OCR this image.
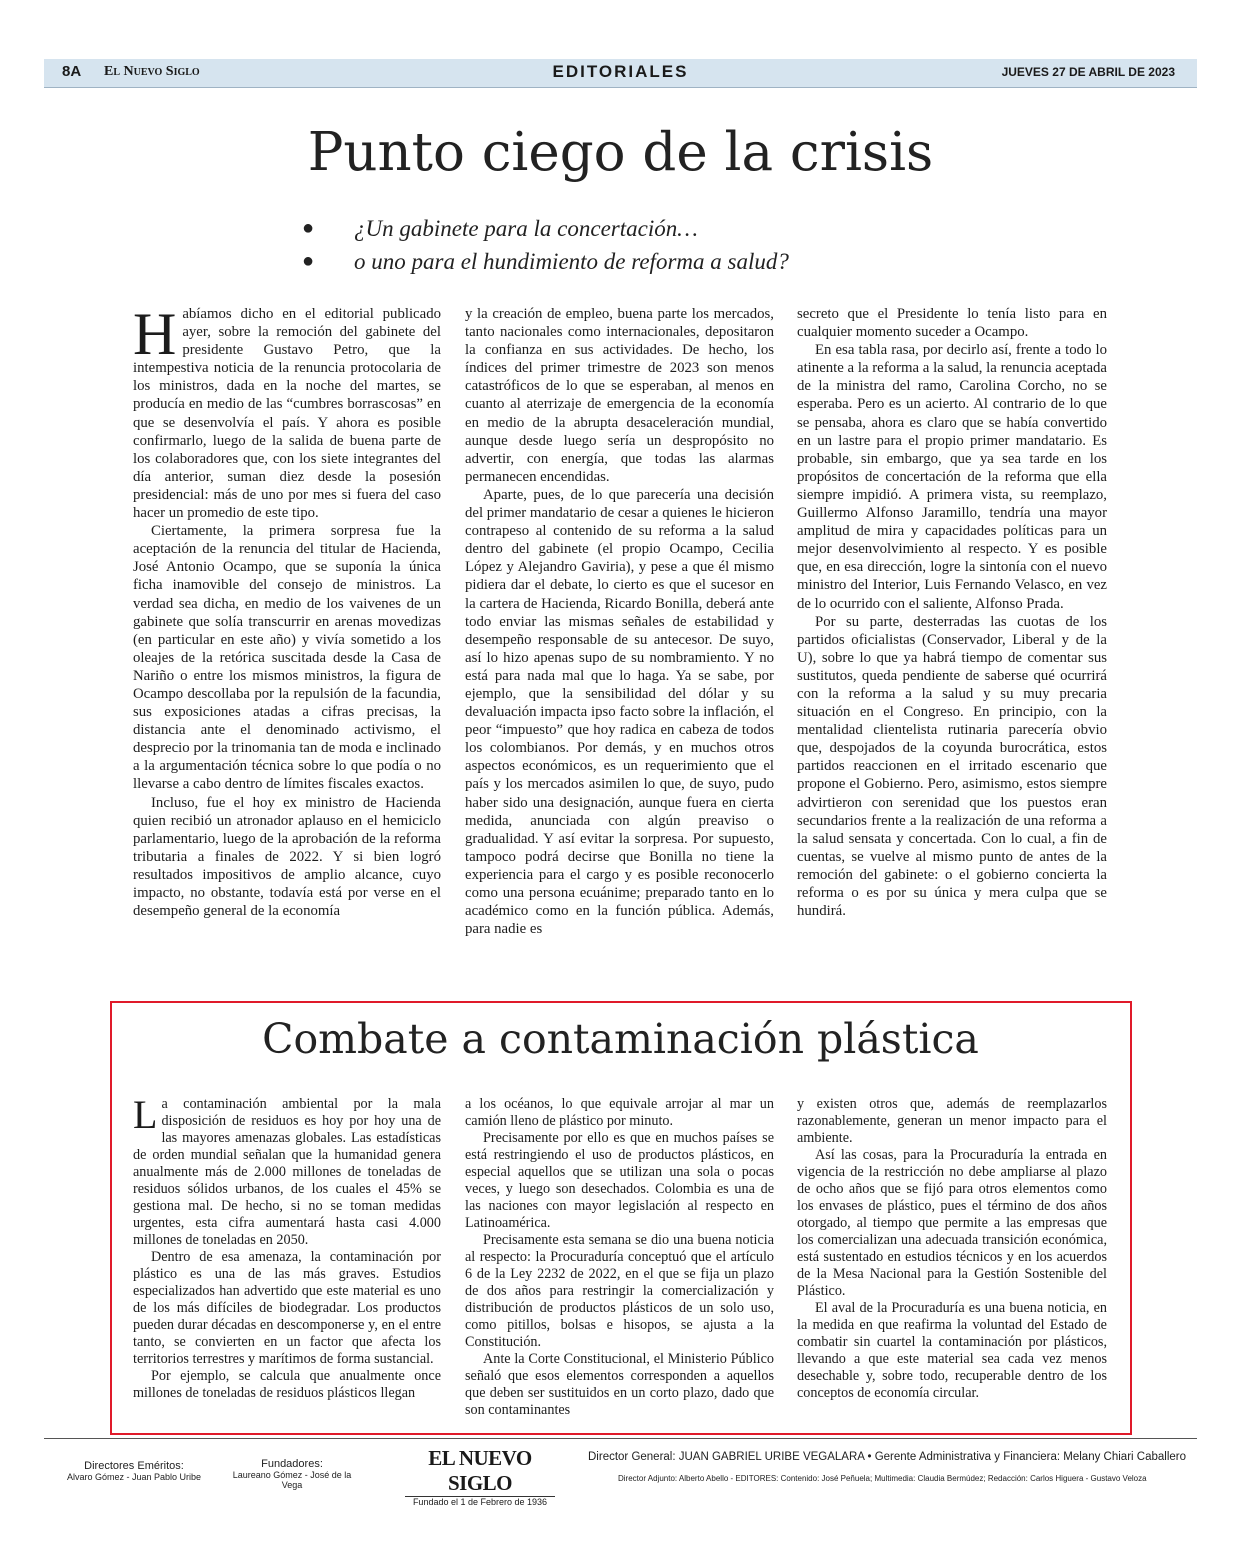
8A El Nuevo Siglo	EDITORIALES	JUEVES 27 DE ABRIL DE 2023
Punto ciego de la crisis
● ¿Un gabinete para la concertación…
● o uno para el hundimiento de reforma a salud?

Habíamos dicho en el editorial publicado ayer, sobre la remoción del gabinete del presidente Gustavo Petro, que la intempestiva noticia de la renuncia protocolaria de los ministros, dada en la noche del martes, se producía en medio de las “cumbres borrascosas” en que se desenvolvía el país. Y ahora es posible confirmarlo, luego de la salida de buena parte de los colaboradores que, con los siete integrantes del día anterior, suman diez desde la posesión presidencial: más de uno por mes si fuera del caso hacer un promedio de este tipo.

Ciertamente, la primera sorpresa fue la aceptación de la renuncia del titular de Hacienda, José Antonio Ocampo, que se suponía la única ficha inamovible del consejo de ministros. La verdad sea dicha, en medio de los vaivenes de un gabinete que solía transcurrir en arenas movedizas (en particular en este año) y vivía sometido a los oleajes de la retórica suscitada desde la Casa de Nariño o entre los mismos ministros, la figura de Ocampo descollaba por la repulsión de la facundia, sus exposiciones atadas a cifras precisas, la distancia ante el denominado activismo, el desprecio por la trinomania tan de moda e inclinado a la argumentación técnica sobre lo que podía o no llevarse a cabo dentro de límites fiscales exactos.

Incluso, fue el hoy ex ministro de Hacienda quien recibió un atronador aplauso en el hemiciclo parlamentario, luego de la aprobación de la reforma tributaria a finales de 2022. Y si bien logró resultados impositivos de amplio alcance, cuyo impacto, no obstante, todavía está por verse en el desempeño general de la economía

y la creación de empleo, buena parte los mercados, tanto nacionales como internacionales, depositaron la confianza en sus actividades. De hecho, los índices del primer trimestre de 2023 son menos catastróficos de lo que se esperaban, al menos en cuanto al aterrizaje de emergencia de la economía en medio de la abrupta desaceleración mundial, aunque desde luego sería un despropósito no advertir, con energía, que todas las alarmas permanecen encendidas.

Aparte, pues, de lo que parecería una decisión del primer mandatario de cesar a quienes le hicieron contrapeso al contenido de su reforma a la salud dentro del gabinete (el propio Ocampo, Cecilia López y Alejandro Gaviria), y pese a que él mismo pidiera dar el debate, lo cierto es que el sucesor en la cartera de Hacienda, Ricardo Bonilla, deberá ante todo enviar las mismas señales de estabilidad y desempeño responsable de su antecesor. De suyo, así lo hizo apenas supo de su nombramiento. Y no está para nada mal que lo haga. Ya se sabe, por ejemplo, que la sensibilidad del dólar y su devaluación impacta ipso facto sobre la inflación, el peor “impuesto” que hoy radica en cabeza de todos los colombianos. Por demás, y en muchos otros aspectos económicos, es un requerimiento que el país y los mercados asimilen lo que, de suyo, pudo haber sido una designación, aunque fuera en cierta medida, anunciada con algún preaviso o gradualidad. Y así evitar la sorpresa. Por supuesto, tampoco podrá decirse que Bonilla no tiene la experiencia para el cargo y es posible reconocerlo como una persona ecuánime; preparado tanto en lo académico como en la función pública. Además, para nadie es

secreto que el Presidente lo tenía listo para en cualquier momento suceder a Ocampo.

En esa tabla rasa, por decirlo así, frente a todo lo atinente a la reforma a la salud, la renuncia aceptada de la ministra del ramo, Carolina Corcho, no se esperaba. Pero es un acierto. Al contrario de lo que se pensaba, ahora es claro que se había convertido en un lastre para el propio primer mandatario. Es probable, sin embargo, que ya sea tarde en los propósitos de concertación de la reforma que ella siempre impidió. A primera vista, su reemplazo, Guillermo Alfonso Jaramillo, tendría una mayor amplitud de mira y capacidades políticas para un mejor desenvolvimiento al respecto. Y es posible que, en esa dirección, logre la sintonía con el nuevo ministro del Interior, Luis Fernando Velasco, en vez de lo ocurrido con el saliente, Alfonso Prada.

Por su parte, desterradas las cuotas de los partidos oficialistas (Conservador, Liberal y de la U), sobre lo que ya habrá tiempo de comentar sus sustitutos, queda pendiente de saberse qué ocurrirá con la reforma a la salud y su muy precaria situación en el Congreso. En principio, con la mentalidad clientelista rutinaria parecería obvio que, despojados de la coyunda burocrática, estos partidos reaccionen en el irritado escenario que propone el Gobierno. Pero, asimismo, estos siempre advirtieron con serenidad que los puestos eran secundarios frente a la realización de una reforma a la salud sensata y concertada. Con lo cual, a fin de cuentas, se vuelve al mismo punto de antes de la remoción del gabinete: o el gobierno concierta la reforma o es por su única y mera culpa que se hundirá.

Combate a contaminación plástica

La contaminación ambiental por la mala disposición de residuos es hoy por hoy una de las mayores amenazas globales. Las estadísticas de orden mundial señalan que la humanidad genera anualmente más de 2.000 millones de toneladas de residuos sólidos urbanos, de los cuales el 45% se gestiona mal. De hecho, si no se toman medidas urgentes, esta cifra aumentará hasta casi 4.000 millones de toneladas en 2050.

Dentro de esa amenaza, la contaminación por plástico es una de las más graves. Estudios especializados han advertido que este material es uno de los más difíciles de biodegradar. Los productos pueden durar décadas en descomponerse y, en el entre tanto, se convierten en un factor que afecta los territorios terrestres y marítimos de forma sustancial.

Por ejemplo, se calcula que anualmente once millones de toneladas de residuos plásticos llegan

a los océanos, lo que equivale arrojar al mar un camión lleno de plástico por minuto.

Precisamente por ello es que en muchos países se está restringiendo el uso de productos plásticos, en especial aquellos que se utilizan una sola o pocas veces, y luego son desechados. Colombia es una de las naciones con mayor legislación al respecto en Latinoamérica.

Precisamente esta semana se dio una buena noticia al respecto: la Procuraduría conceptuó que el artículo 6 de la Ley 2232 de 2022, en el que se fija un plazo de dos años para restringir la comercialización y distribución de productos plásticos de un solo uso, como pitillos, bolsas e hisopos, se ajusta a la Constitución.

Ante la Corte Constitucional, el Ministerio Público señaló que esos elementos corresponden a aquellos que deben ser sustituidos en un corto plazo, dado que son contaminantes

y existen otros que, además de reemplazarlos razonablemente, generan un menor impacto para el ambiente.

Así las cosas, para la Procuraduría la entrada en vigencia de la restricción no debe ampliarse al plazo de ocho años que se fijó para otros elementos como los envases de plástico, pues el término de dos años otorgado, al tiempo que permite a las empresas que los comercializan una adecuada transición económica, está sustentado en estudios técnicos y en los acuerdos de la Mesa Nacional para la Gestión Sostenible del Plástico.

El aval de la Procuraduría es una buena noticia, en la medida en que reafirma la voluntad del Estado de combatir sin cuartel la contaminación por plásticos, llevando a que este material sea cada vez menos desechable y, sobre todo, recuperable dentro de los conceptos de economía circular.

Directores Eméritos:
Alvaro Gómez - Juan Pablo Uribe
Fundadores:
Laureano Gómez - José de la Vega
EL NUEVO SIGLO
Fundado el 1 de Febrero de 1936
Director General: JUAN GABRIEL URIBE VEGALARA • Gerente Administrativa y Financiera: Melany Chiari Caballero
Director Adjunto: Alberto Abello - EDITORES: Contenido: José Peñuela; Multimedia: Claudia Bermúdez; Redacción: Carlos Higuera - Gustavo Veloza
